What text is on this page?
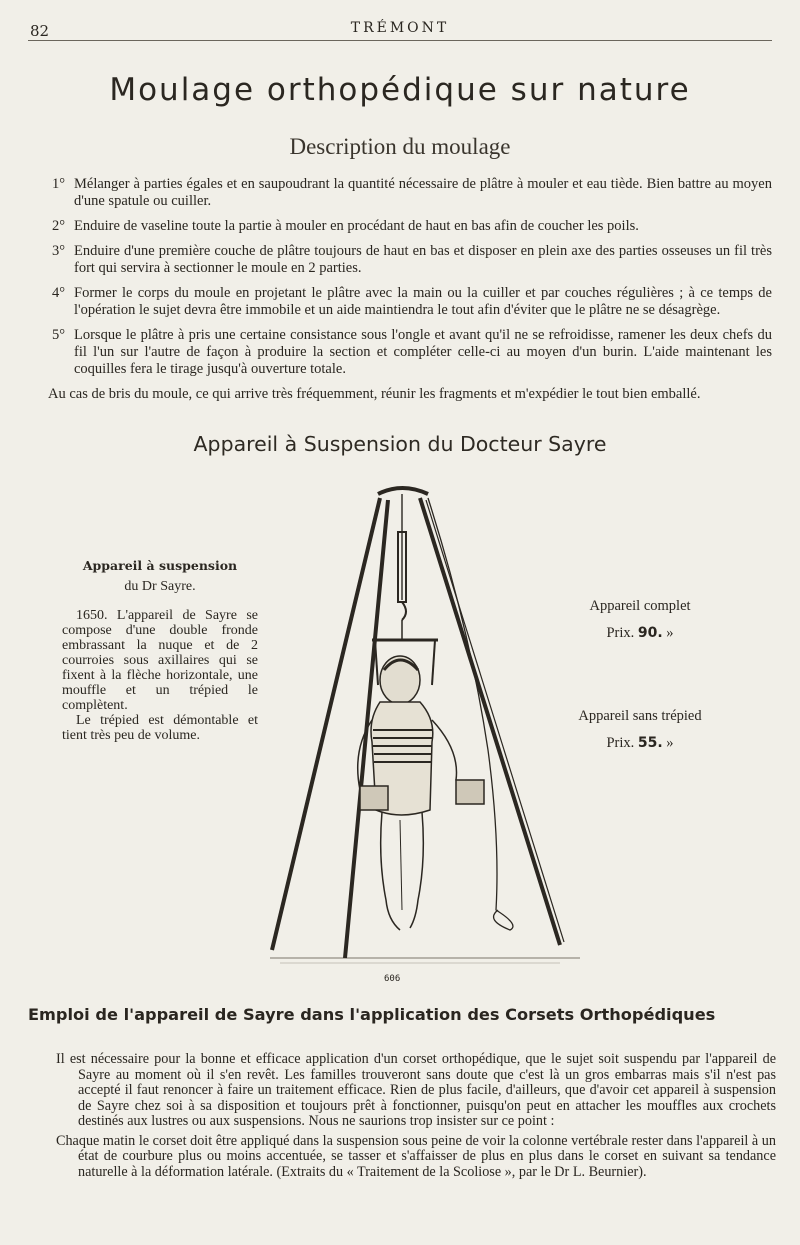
82	TRÉMONT
Moulage orthopédique sur nature
Description du moulage
1° Mélanger à parties égales et en saupoudrant la quantité nécessaire de plâtre à mouler et eau tiède. Bien battre au moyen d'une spatule ou cuiller.
2° Enduire de vaseline toute la partie à mouler en procédant de haut en bas afin de coucher les poils.
3° Enduire d'une première couche de plâtre toujours de haut en bas et disposer en plein axe des parties osseuses un fil très fort qui servira à sectionner le moule en 2 parties.
4° Former le corps du moule en projetant le plâtre avec la main ou la cuiller et par couches régulières ; à ce temps de l'opération le sujet devra être immobile et un aide maintiendra le tout afin d'éviter que le plâtre ne se désagrège.
5° Lorsque le plâtre à pris une certaine consistance sous l'ongle et avant qu'il ne se refroidisse, ramener les deux chefs du fil l'un sur l'autre de façon à produire la section et compléter celle-ci au moyen d'un burin. L'aide maintenant les coquilles fera le tirage jusqu'à ouverture totale.
Au cas de bris du moule, ce qui arrive très fréquemment, réunir les fragments et m'expédier le tout bien emballé.
Appareil à Suspension du Docteur Sayre
Appareil à suspension
du Dr Sayre.

1650. L'appareil de Sayre se compose d'une double fronde embrassant la nuque et de 2 courroies sous axillaires qui se fixent à la flèche horizontale, une mouffle et un trépied le complètent.

Le trépied est démontable et tient très peu de volume.

Appareil complet
Prix. 90. »
Appareil sans trépied
Prix. 55. »
606
Emploi de l'appareil de Sayre dans l'application des Corsets Orthopédiques

Il est nécessaire pour la bonne et efficace application d'un corset orthopédique, que le sujet soit suspendu par l'appareil de Sayre au moment où il s'en revêt. Les familles trouveront sans doute que c'est là un gros embarras mais s'il n'est pas accepté il faut renoncer à faire un traitement efficace. Rien de plus facile, d'ailleurs, que d'avoir cet appareil à suspension de Sayre chez soi à sa disposition et toujours prêt à fonctionner, puisqu'on peut en attacher les mouffles aux crochets destinés aux lustres ou aux suspensions. Nous ne saurions trop insister sur ce point :

Chaque matin le corset doit être appliqué dans la suspension sous peine de voir la colonne vertébrale rester dans l'appareil à un état de courbure plus ou moins accentuée, se tasser et s'affaisser de plus en plus dans le corset en suivant sa tendance naturelle à la déformation latérale. (Extraits du « Traitement de la Scoliose », par le Dr L. Beurnier).
